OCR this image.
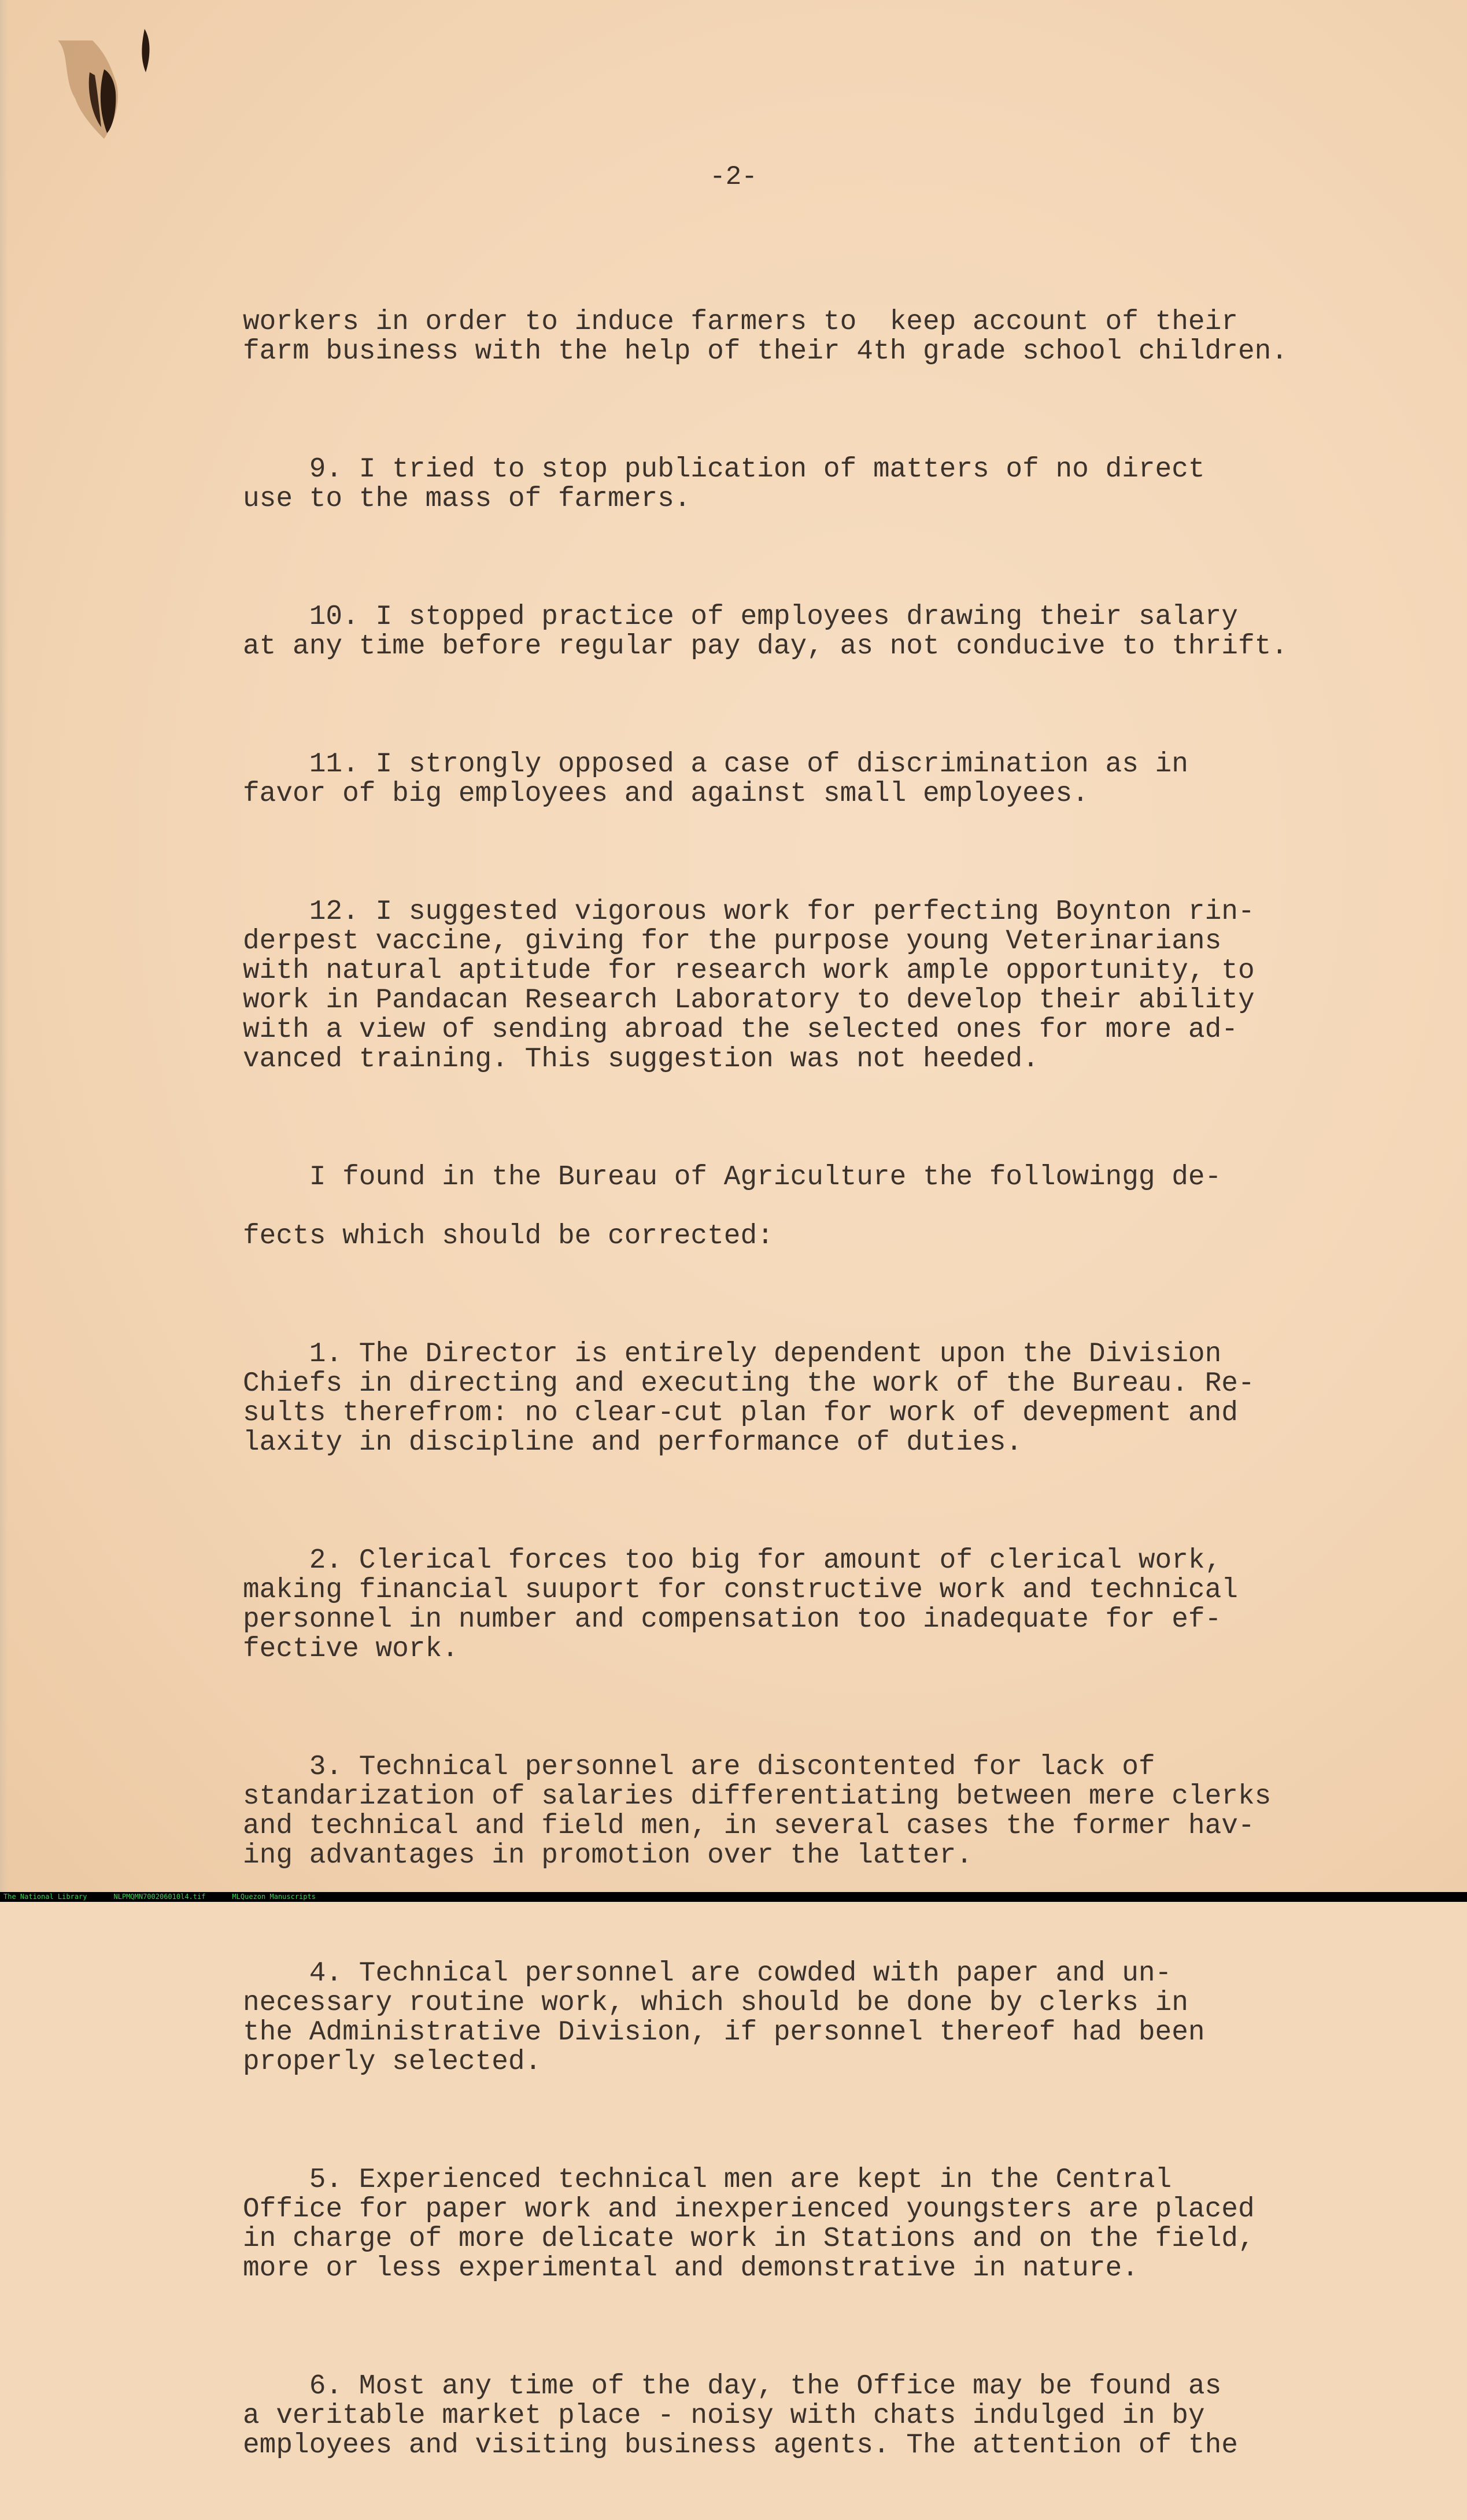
-2-

workers in order to induce farmers to  keep account of their
farm business with the help of their 4th grade school children.

9. I tried to stop publication of matters of no direct
use to the mass of farmers.

10. I stopped practice of employees drawing their salary
at any time before regular pay day, as not conducive to thrift.

11. I strongly opposed a case of discrimination as in
favor of big employees and against small employees.

12. I suggested vigorous work for perfecting Boynton rin-
derpest vaccine, giving for the purpose young Veterinarians
with natural aptitude for research work ample opportunity, to
work in Pandacan Research Laboratory to develop their ability
with a view of sending abroad the selected ones for more ad-
vanced training. This suggestion was not heeded.

I found in the Bureau of Agriculture the followingg de-

fects which should be corrected:

1. The Director is entirely dependent upon the Division
Chiefs in directing and executing the work of the Bureau. Re-
sults therefrom: no clear-cut plan for work of devepment and
laxity in discipline and performance of duties.

2. Clerical forces too big for amount of clerical work,
making financial suuport for constructive work and technical
personnel in number and compensation too inadequate for ef-
fective work.

3. Technical personnel are discontented for lack of
standarization of salaries differentiating between mere clerks
and technical and field men, in several cases the former hav-
ing advantages in promotion over the latter.

4. Technical personnel are cowded with paper and un-
necessary routine work, which should be done by clerks in
the Administrative Division, if personnel thereof had been
properly selected.

5. Experienced technical men are kept in the Central
Office for paper work and inexperienced youngsters are placed
in charge of more delicate work in Stations and on the field,
more or less experimental and demonstrative in nature.

6. Most any time of the day, the Office may be found as
a veritable market place - noisy with chats indulged in by
employees and visiting business agents. The attention of the

The National Library	NLPMQMN700206010l4.tif	MLQuezon Manuscripts
